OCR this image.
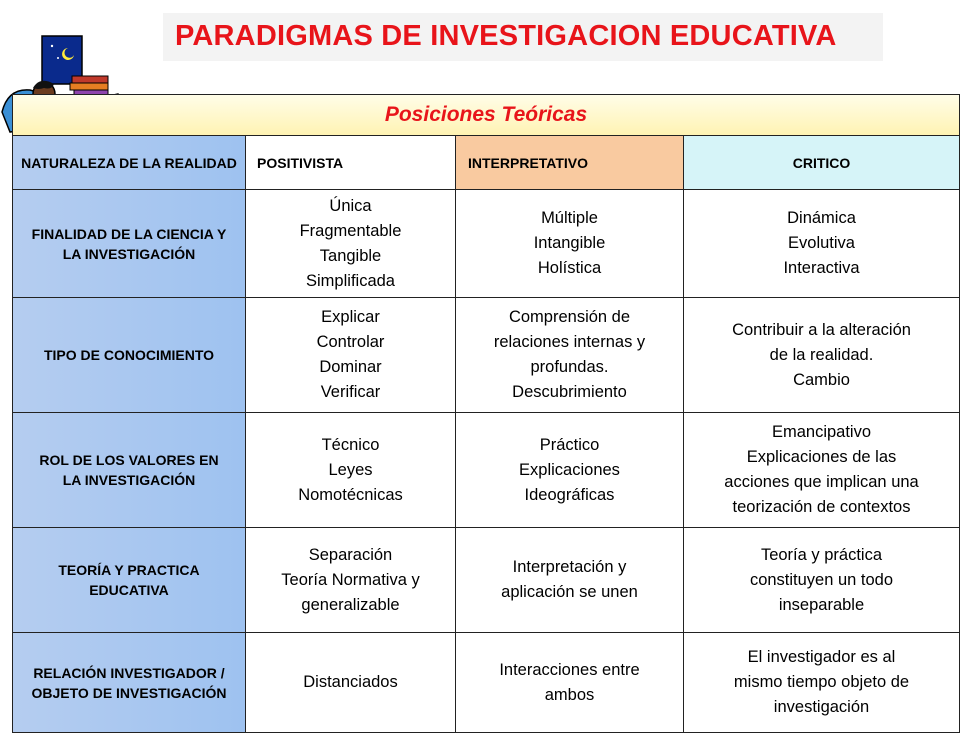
PARADIGMAS DE INVESTIGACION EDUCATIVA
Posiciones Teóricas
NATURALEZA DE LA REALIDAD POSITIVISTA	INTERPRETATIVO	CRITICO
FINALIDAD DE LA CIENCIA Y LA INVESTIGACIÓN
Única
Fragmentable
Tangible
Simplificada
Múltiple
Intangible
Holística
Dinámica
Evolutiva
Interactiva
TIPO DE CONOCIMIENTO
Explicar
Controlar
Dominar
Verificar
Comprensión de
relaciones internas y
profundas.
Descubrimiento
Contribuir a la alteración
de la realidad.
Cambio
ROL DE LOS VALORES EN LA INVESTIGACIÓN
Técnico
Leyes
Nomotécnicas
Práctico
Explicaciones
Ideográficas
Emancipativo
Explicaciones de las
acciones que implican una
teorización de contextos
TEORÍA Y PRACTICA EDUCATIVA
Separación
Teoría Normativa y
generalizable
Interpretación y
aplicación se unen
Teoría y práctica
constituyen un todo
inseparable
RELACIÓN INVESTIGADOR / OBJETO DE INVESTIGACIÓN
Distanciados
Interacciones entre
ambos
El investigador es al
mismo tiempo objeto de
investigación
